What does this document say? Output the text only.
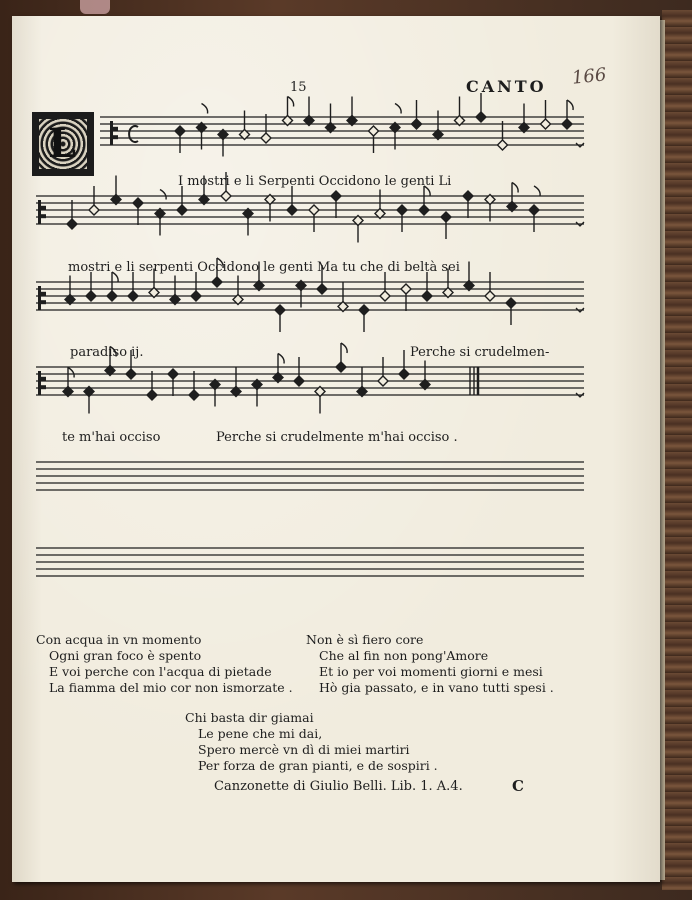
15	CANTO 166
L
I mostri e li Serpenti Occidono le genti Li
mostri e li serpenti Occidono le genti Ma tu che di beltà sei
paradiso ij.	Perche si crudelmen-
te m'hai occiso	Perche si crudelmente m'hai occiso .
Con acqua in vn momento
Ogni gran foco è spento
E voi perche con l'acqua di pietade
La fiamma del mio cor non ismorzate .
Non è sì fiero core
Che al fin non pong'Amore
Et io per voi momenti giorni e mesi
Hò gia passato, e in vano tutti spesi .
Chi basta dir giamai
Le pene che mi dai,
Spero mercè vn dì di miei martiri
Per forza de gran pianti, e de sospiri .
Canzonette di Giulio Belli. Lib. 1. A.4.	C
